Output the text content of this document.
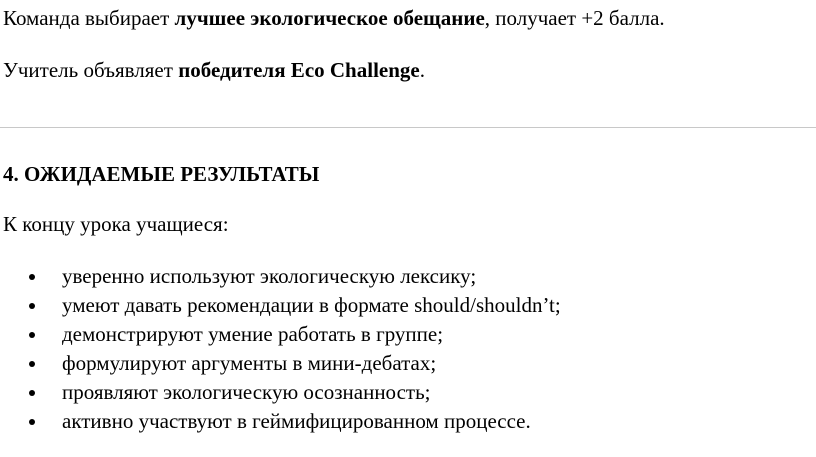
Команда выбирает лучшее экологическое обещание, получает +2 балла.

Учитель объявляет победителя Eco Challenge.

4. ОЖИДАЕМЫЕ РЕЗУЛЬТАТЫ

К концу урока учащиеся:

уверенно используют экологическую лексику;
умеют давать рекомендации в формате should/shouldn’t;
демонстрируют умение работать в группе;
формулируют аргументы в мини-дебатах;
проявляют экологическую осознанность;
активно участвуют в геймифицированном процессе.
